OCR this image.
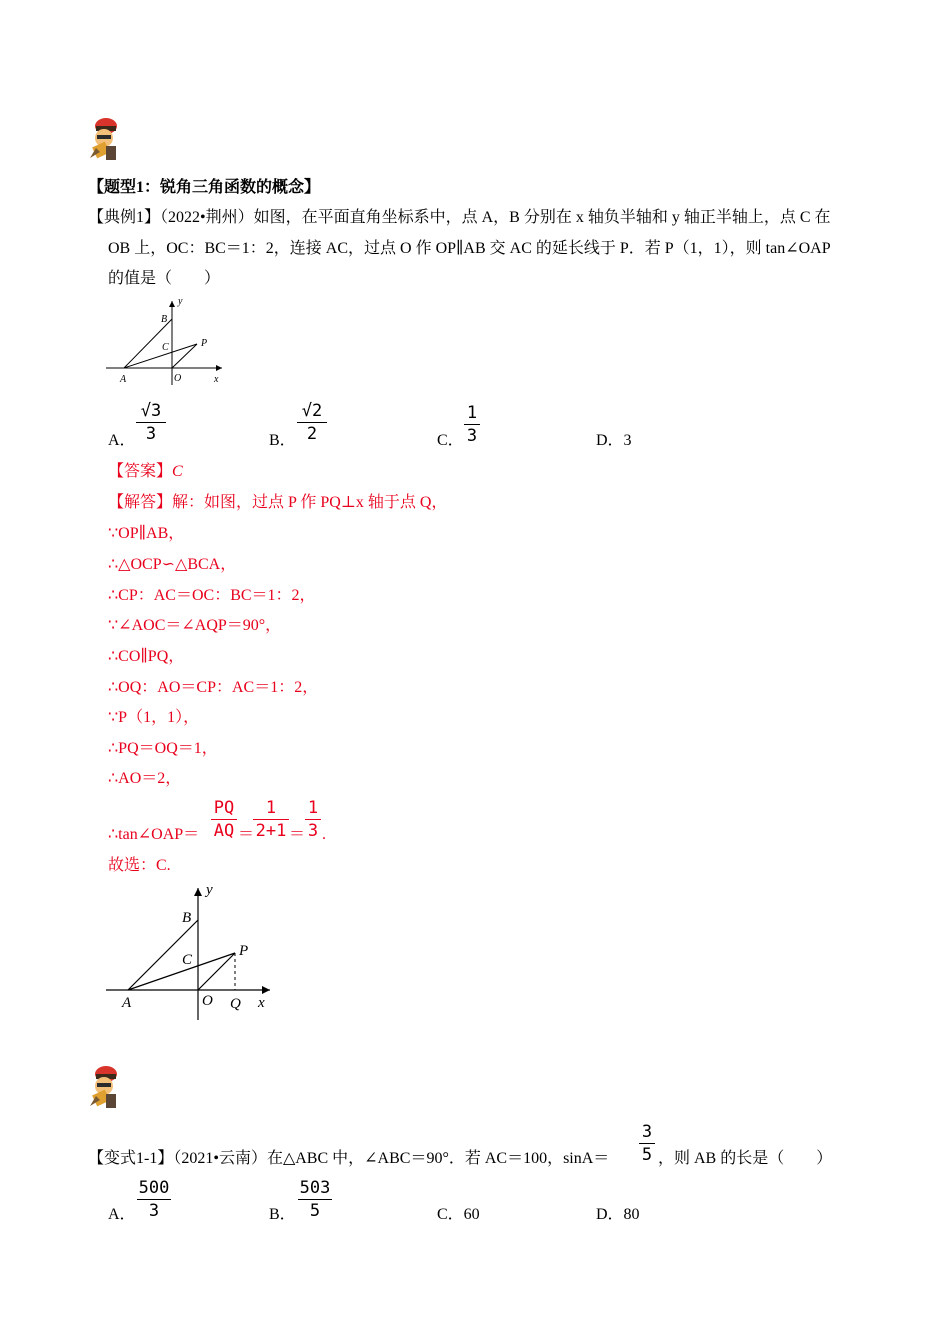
【题型1：锐角三角函数的概念】
【典例1】（2022•荆州）如图，在平面直角坐标系中，点 A，B 分别在 x 轴负半轴和 y 轴正半轴上，点 C 在
OB 上，OC：BC＝1：2，连接 AC，过点 O 作 OP∥AB 交 AC 的延长线于 P．若 P（1，1），则 tan∠OAP
的值是（　　）
y
B
C	P
A	O	x
A．
√3
3	B．
√2
2	C．
1
3	D．3
【答案】C
【解答】解：如图，过点 P 作 PQ⊥x 轴于点 Q，
∵OP∥AB，
∴△OCP∽△BCA，
∴CP：AC＝OC：BC＝1：2，
∵∠AOC＝∠AQP＝90°，
∴CO∥PQ，
∴OQ：AO＝CP：AC＝1：2，
∵P（1，1），
∴PQ＝OQ＝1，
∴AO＝2，
∴tan∠OAP＝
PQ
AQ ＝
1
2+1 ＝
1
3 .
故选：C.
y
B
C
P
A	O Q x
【变式1-1】（2021•云南）在△ABC 中，∠ABC＝90°．若 AC＝100，sinA＝
3
5 ，则 AB 的长是（　　）
A．
500
3	B．
503
5	C．60	D．80
